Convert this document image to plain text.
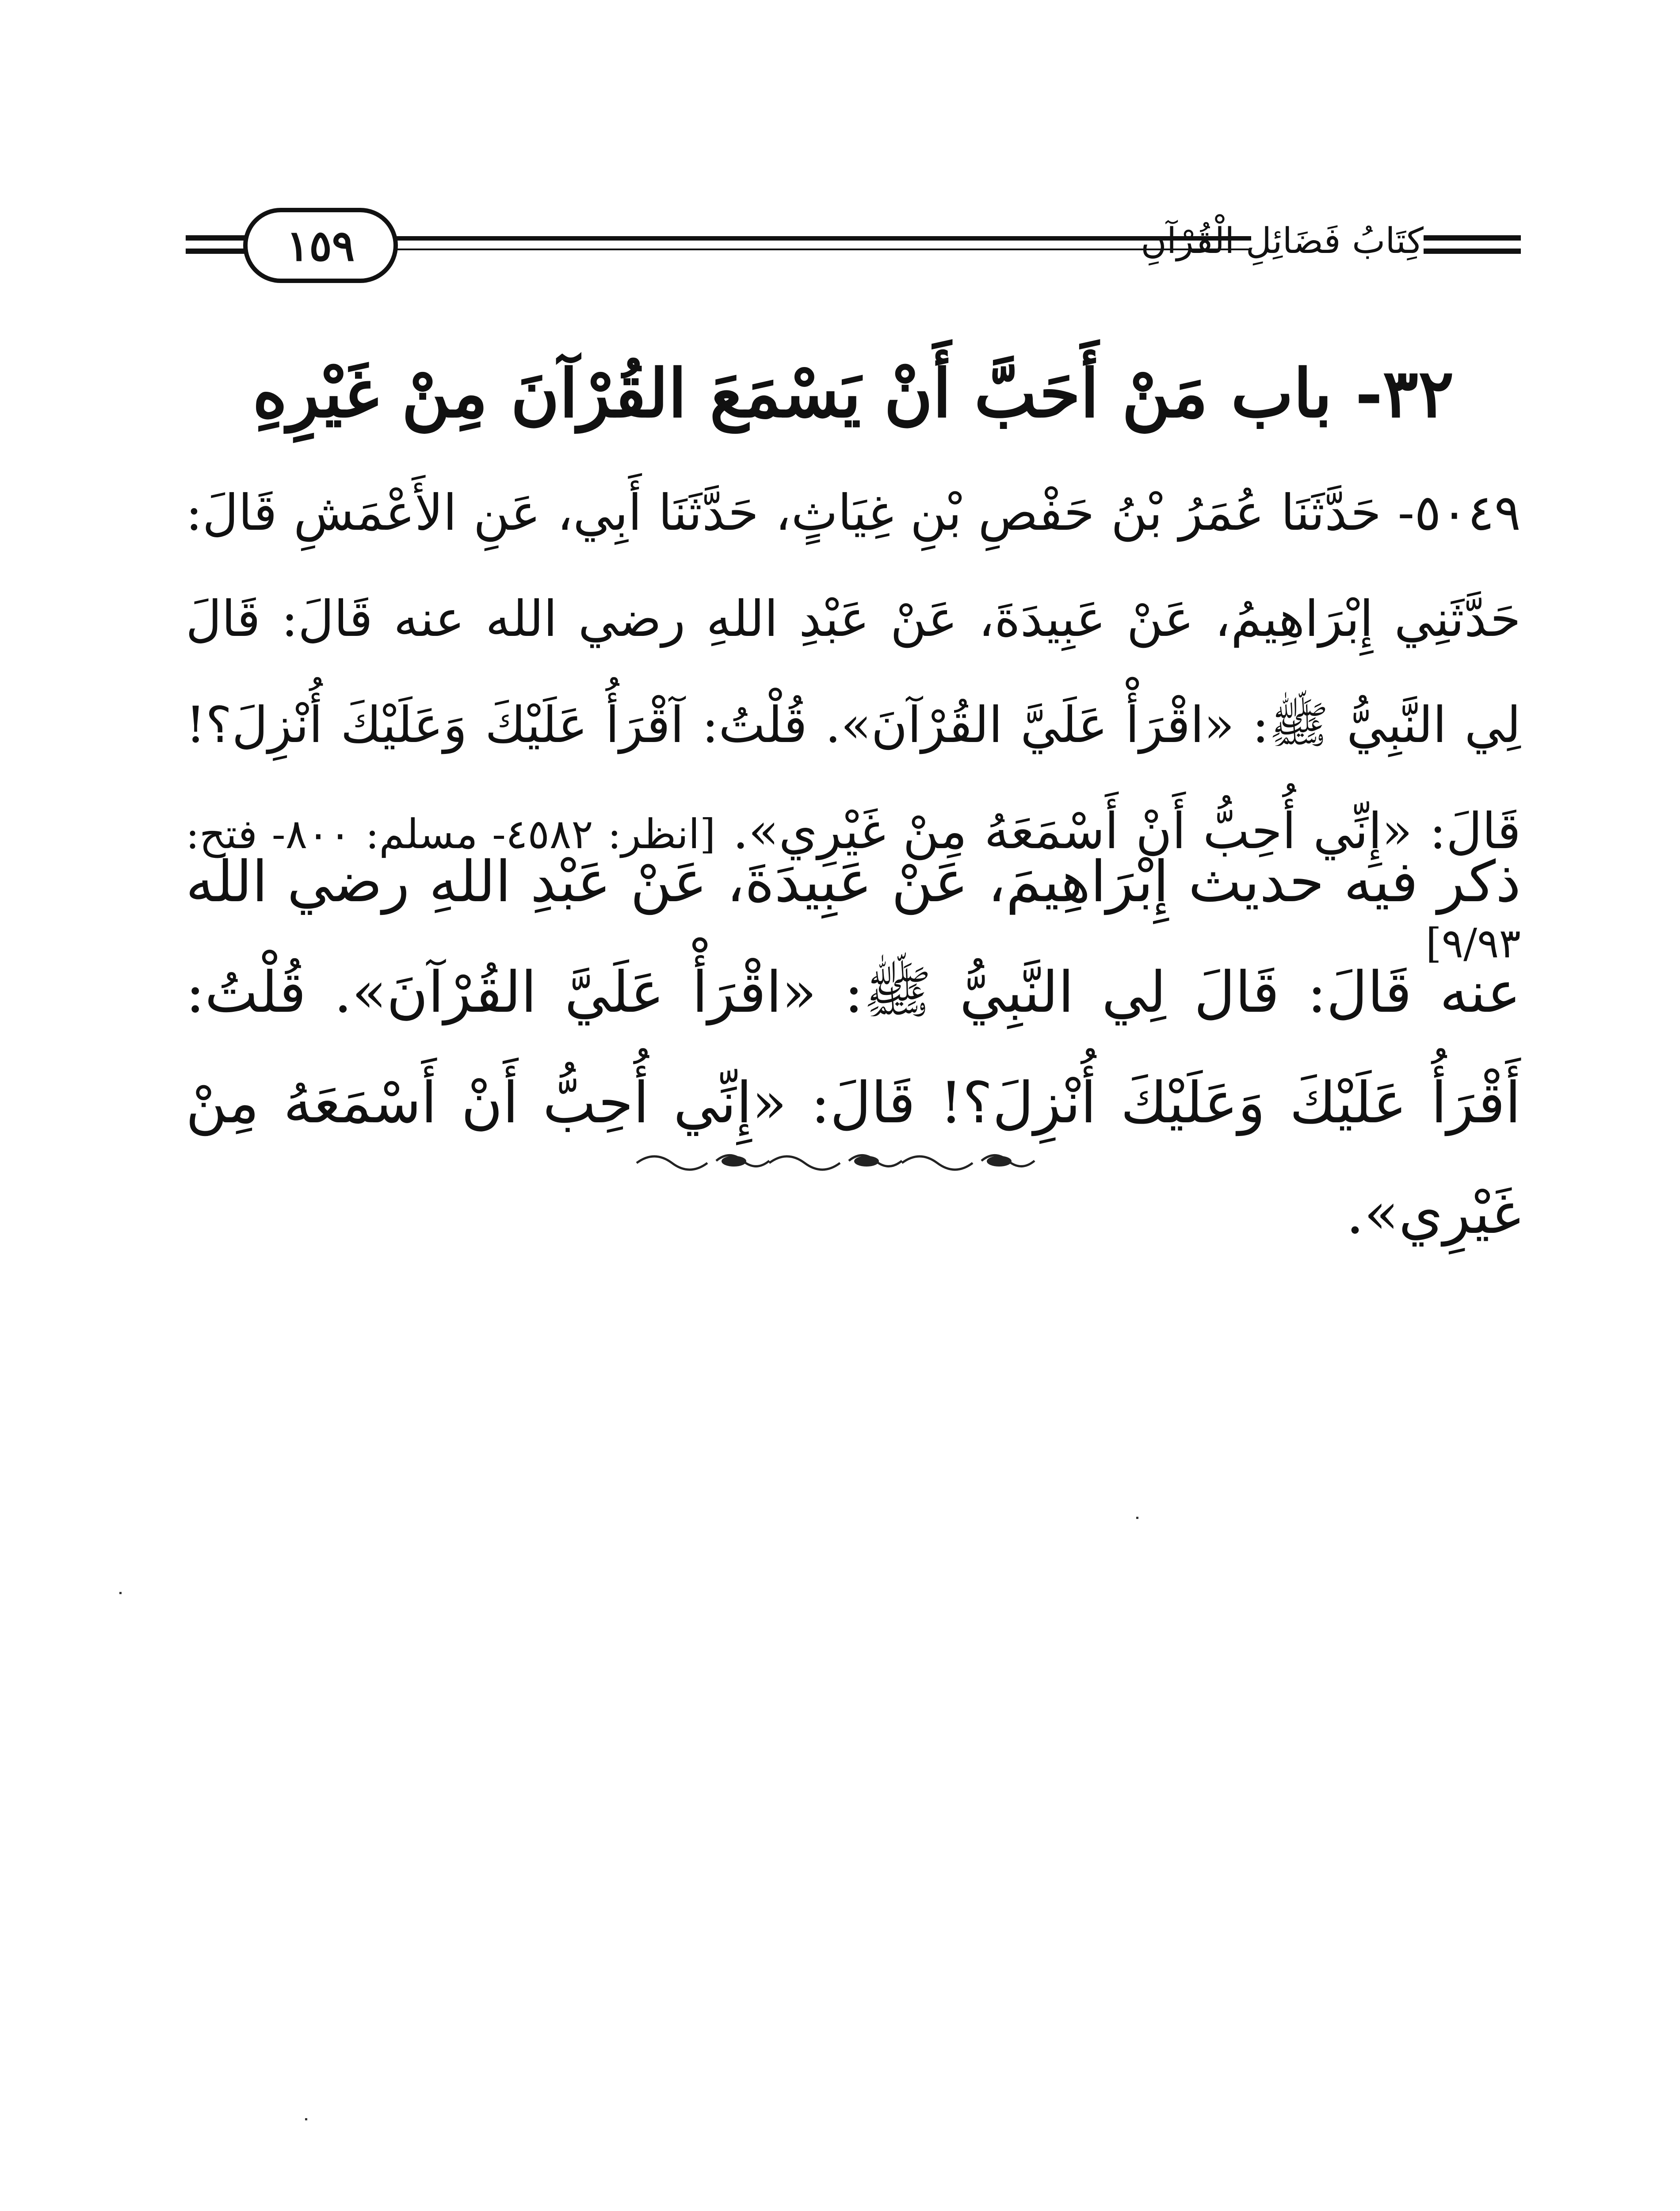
١٥٩	كِتَابُ فَضَائِلِ الْقُرْآنِ
٣٢- باب مَنْ أَحَبَّ أَنْ يَسْمَعَ القُرْآنَ مِنْ غَيْرِهِ
٥٠٤٩- حَدَّثَنَا عُمَرُ بْنُ حَفْصِ بْنِ غِيَاثٍ، حَدَّثَنَا أَبِي، عَنِ الأَعْمَشِ قَالَ: حَدَّثَنِي إِبْرَاهِيمُ، عَنْ عَبِيدَةَ، عَنْ عَبْدِ اللهِ رضي الله عنه قَالَ: قَالَ لِي النَّبِيُّ ﷺ: «اقْرَأْ عَلَيَّ القُرْآنَ». قُلْتُ: آقْرَأُ عَلَيْكَ وَعَلَيْكَ أُنْزِلَ؟! قَالَ: «إِنِّي أُحِبُّ أَنْ أَسْمَعَهُ مِنْ غَيْرِي». [انظر: ٤٥٨٢- مسلم: ٨٠٠- فتح: ٩/٩٣]
ذكر فيه حديث إِبْرَاهِيمَ، عَنْ عَبِيدَةَ، عَنْ عَبْدِ اللهِ رضي الله عنه قَالَ: قَالَ لِي النَّبِيُّ ﷺ: «اقْرَأْ عَلَيَّ القُرْآنَ». قُلْتُ: أَقْرَأُ عَلَيْكَ وَعَلَيْكَ أُنْزِلَ؟! قَالَ: «إِنِّي أُحِبُّ أَنْ أَسْمَعَهُ مِنْ غَيْرِي».
